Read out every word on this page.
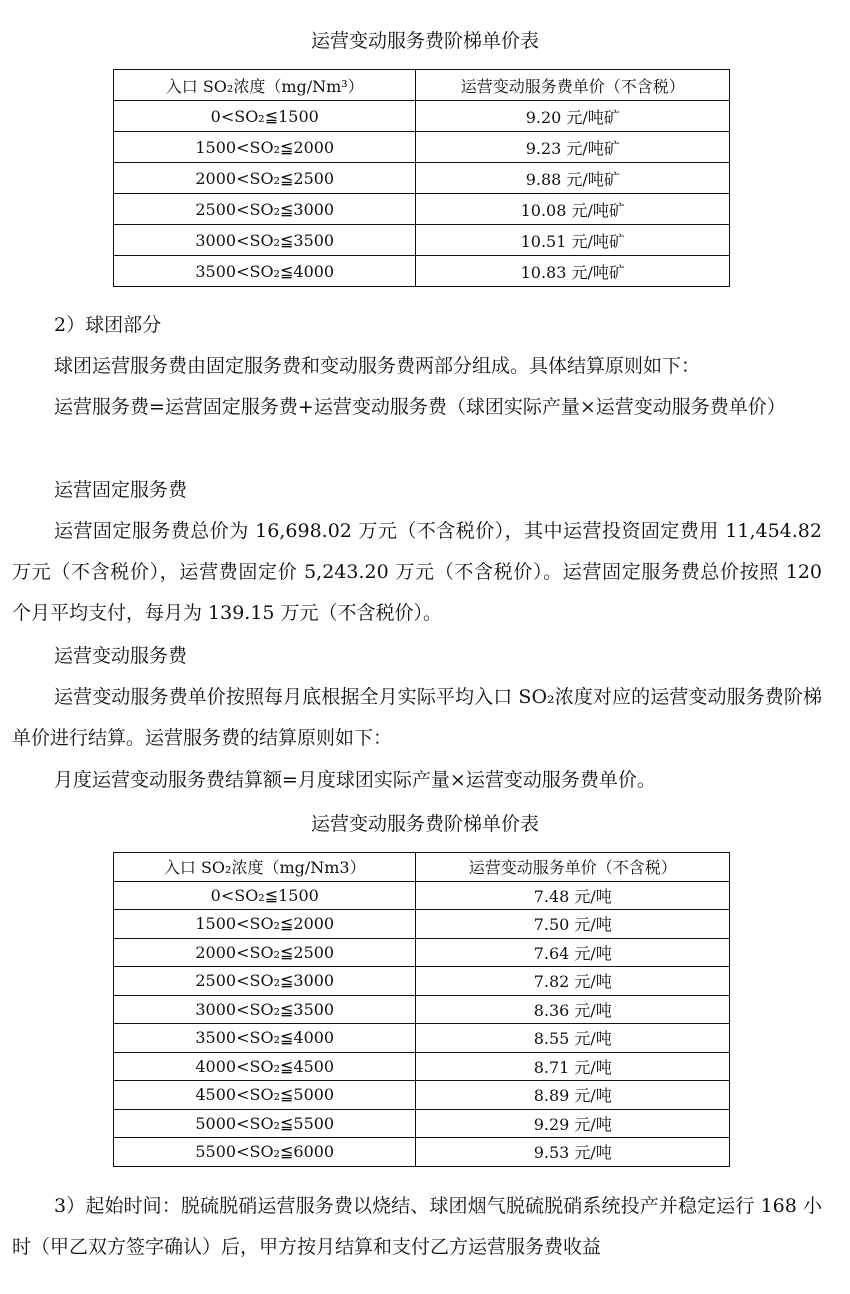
运营变动服务费阶梯单价表
入口 SO₂浓度（mg/Nm³）	运营变动服务费单价（不含税）
0<SO₂≦1500	9.20 元/吨矿
1500<SO₂≦2000	9.23 元/吨矿
2000<SO₂≦2500	9.88 元/吨矿
2500<SO₂≦3000	10.08 元/吨矿
3000<SO₂≦3500	10.51 元/吨矿
3500<SO₂≦4000	10.83 元/吨矿
2）球团部分
球团运营服务费由固定服务费和变动服务费两部分组成。具体结算原则如下：
运营服务费=运营固定服务费+运营变动服务费（球团实际产量×运营变动服务费单价）
运营固定服务费
运营固定服务费总价为 16,698.02 万元（不含税价），其中运营投资固定费用 11,454.82 万元（不含税价），运营费固定价 5,243.20 万元（不含税价）。运营固定服务费总价按照 120 个月平均支付，每月为 139.15 万元（不含税价）。
运营变动服务费
运营变动服务费单价按照每月底根据全月实际平均入口 SO₂浓度对应的运营变动服务费阶梯单价进行结算。运营服务费的结算原则如下：
月度运营变动服务费结算额=月度球团实际产量×运营变动服务费单价。
运营变动服务费阶梯单价表
入口 SO₂浓度（mg/Nm3）	运营变动服务单价（不含税）
0<SO₂≦1500	7.48 元/吨
1500<SO₂≦2000	7.50 元/吨
2000<SO₂≦2500	7.64 元/吨
2500<SO₂≦3000	7.82 元/吨
3000<SO₂≦3500	8.36 元/吨
3500<SO₂≦4000	8.55 元/吨
4000<SO₂≦4500	8.71 元/吨
4500<SO₂≦5000	8.89 元/吨
5000<SO₂≦5500	9.29 元/吨
5500<SO₂≦6000	9.53 元/吨
3）起始时间：脱硫脱硝运营服务费以烧结、球团烟气脱硫脱硝系统投产并稳定运行 168 小时（甲乙双方签字确认）后，甲方按月结算和支付乙方运营服务费收益
